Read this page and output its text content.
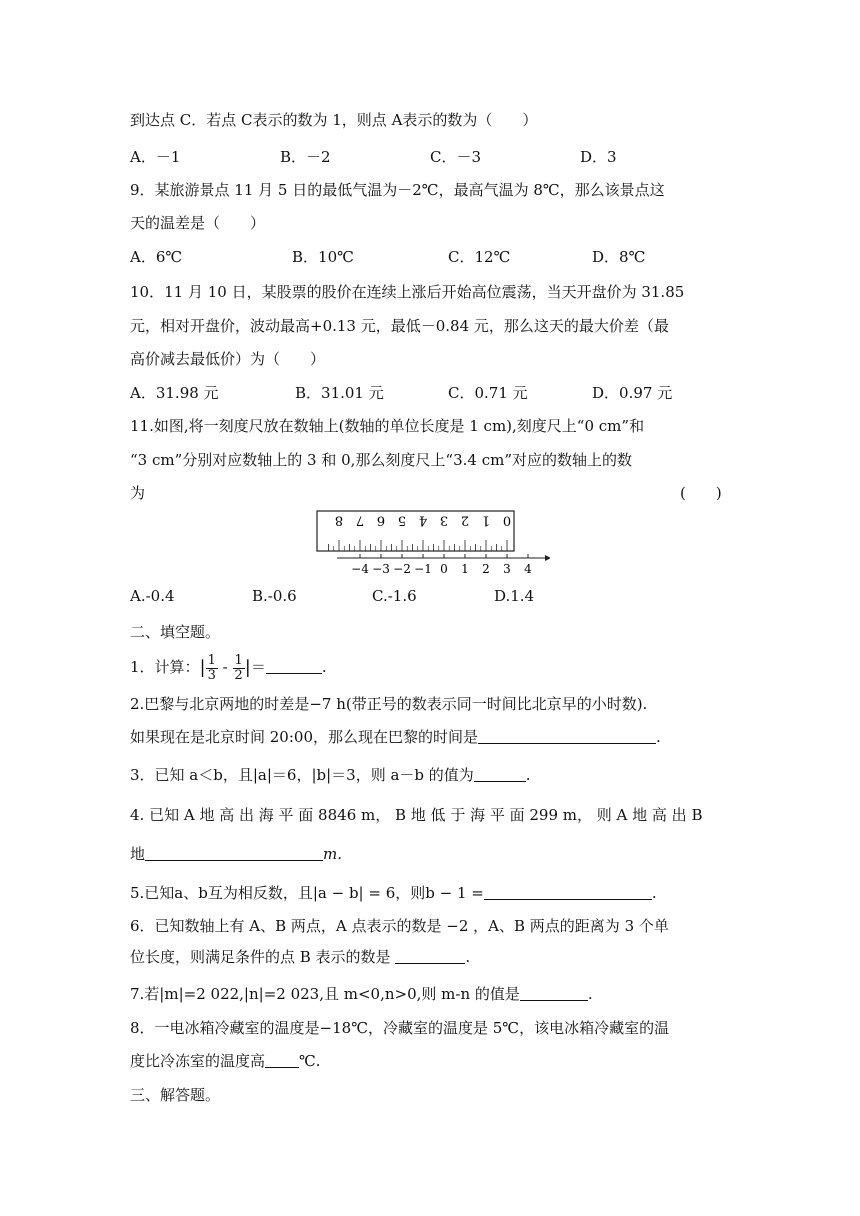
到达点 C．若点 C表示的数为 1，则点 A表示的数为（　　）
A．－1	B．－2	C．－3	D．3
9．某旅游景点 11 月 5 日的最低气温为－2℃，最高气温为 8℃，那么该景点这
天的温差是（　　）
A．6℃	B．10℃	C．12℃	D．8℃
10．11 月 10 日，某股票的股价在连续上涨后开始高位震荡，当天开盘价为 31.85
元，相对开盘价，波动最高+0.13 元，最低－0.84 元，那么这天的最大价差（最
高价减去最低价）为（　　）
A．31.98 元	B．31.01 元	C．0.71 元	D．0.97 元
11.如图,将一刻度尺放在数轴上(数轴的单位长度是 1 cm),刻度尺上“0 cm”和
“3 cm”分别对应数轴上的 3 和 0,那么刻度尺上“3.4 cm”对应的数轴上的数
为	(　　)
8 7 6 5 4 3 2 1 0
−4 −3 −2 −1 0 1 2 3 4
A.-0.4	B.-0.6	C.-1.6	D.1.4
二、填空题。
1．计算：| $\frac{1}{3} - \frac{1}{2}$ |＝	.
2.巴黎与北京两地的时差是−7 h(带正号的数表示同一时间比北京早的小时数).
如果现在是北京时间 20:00，那么现在巴黎的时间是	.
3．已知 a＜b，且|a|＝6，|b|＝3，则 a－b 的值为	.
4. 已知 A 地 高 出 海 平 面 8846 m， B 地 低 于 海 平 面 299 m， 则 A 地 高 出 B
地	m.
5.已知a、b互为相反数，且|a − b| = 6，则b − 1 =	.
6．已知数轴上有 A、B 两点，A 点表示的数是 −2 ，A、B 两点的距离为 3 个单
位长度，则满足条件的点 B 表示的数是	.
7.若|m|=2 022,|n|=2 023,且 m<0,n>0,则 m-n 的值是	.
8．一电冰箱冷藏室的温度是−18℃，冷藏室的温度是 5℃，该电冰箱冷藏室的温
度比冷冻室的温度高 ℃.
三、解答题。
